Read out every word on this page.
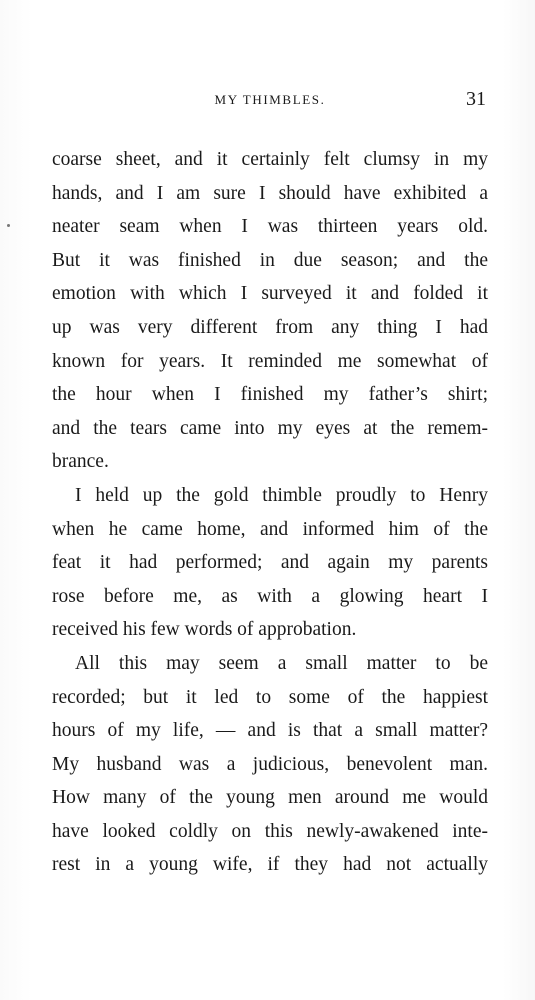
MY THIMBLES.	31

coarse sheet, and it certainly felt clumsy in my
hands, and I am sure I should have exhibited a
neater seam when I was thirteen years old.
But it was finished in due season; and the
emotion with which I surveyed it and folded it
up was very different from any thing I had
known for years. It reminded me somewhat of
the hour when I finished my father’s shirt;
and the tears came into my eyes at the remem-
brance.

I held up the gold thimble proudly to Henry
when he came home, and informed him of the
feat it had performed; and again my parents
rose before me, as with a glowing heart I
received his few words of approbation.

All this may seem a small matter to be
recorded; but it led to some of the happiest
hours of my life, — and is that a small matter?
My husband was a judicious, benevolent man.
How many of the young men around me would
have looked coldly on this newly-awakened inte-
rest in a young wife, if they had not actually
